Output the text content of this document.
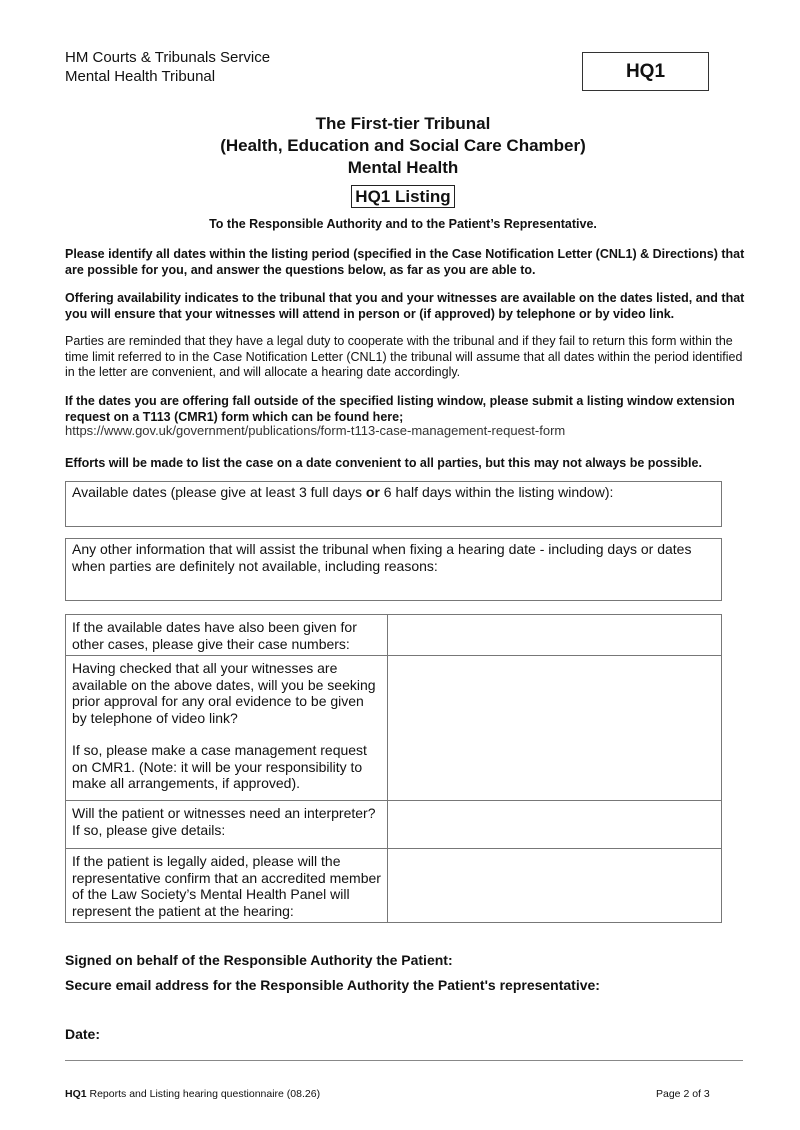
HM Courts & Tribunals Service
Mental Health Tribunal	HQ1
The First-tier Tribunal
(Health, Education and Social Care Chamber)
Mental Health
HQ1 Listing
To the Responsible Authority and to the Patient’s Representative.
Please identify all dates within the listing period (specified in the Case Notification Letter (CNL1) & Directions) that are possible for you, and answer the questions below, as far as you are able to.
Offering availability indicates to the tribunal that you and your witnesses are available on the dates listed, and that you will ensure that your witnesses will attend in person or (if approved) by telephone or by video link.
Parties are reminded that they have a legal duty to cooperate with the tribunal and if they fail to return this form within the time limit referred to in the Case Notification Letter (CNL1) the tribunal will assume that all dates within the period identified in the letter are convenient, and will allocate a hearing date accordingly.
If the dates you are offering fall outside of the specified listing window, please submit a listing window extension request on a T113 (CMR1) form which can be found here;
https://www.gov.uk/government/publications/form-t113-case-management-request-form
Efforts will be made to list the case on a date convenient to all parties, but this may not always be possible.
Available dates (please give at least 3 full days or 6 half days within the listing window):
Any other information that will assist the tribunal when fixing a hearing date - including days or dates when parties are definitely not available, including reasons:
If the available dates have also been given for other cases, please give their case numbers:	

Having checked that all your witnesses are available on the above dates, will you be seeking prior approval for any oral evidence to be given by telephone of video link?
If so, please make a case management request on CMR1. (Note: it will be your responsibility to make all arrangements, if approved).	

Will the patient or witnesses need an interpreter? If so, please give details:	
If the patient is legally aided, please will the representative confirm that an accredited member of the Law Society’s Mental Health Panel will represent the patient at the hearing:	
Signed on behalf of the Responsible Authority the Patient:
Secure email address for the Responsible Authority the Patient's representative:
Date:
HQ1 Reports and Listing hearing questionnaire (08.26)	Page 2 of 3
